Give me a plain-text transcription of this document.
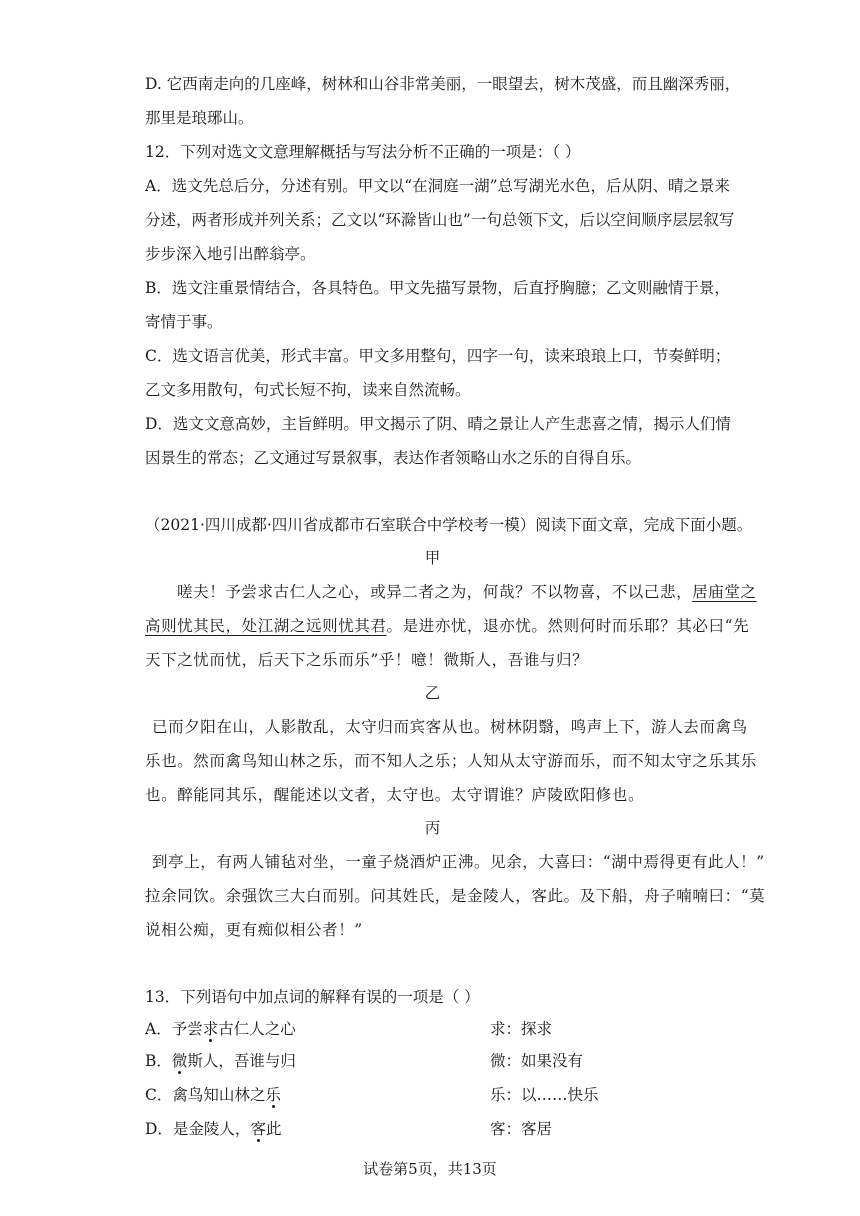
D. 它西南走向的几座峰，树林和山谷非常美丽，一眼望去，树木茂盛，而且幽深秀丽，

那里是琅琊山。

12．下列对选文文意理解概括与写法分析不正确的一项是：（ ）

A．选文先总后分，分述有别。甲文以“在洞庭一湖”总写湖光水色，后从阴、晴之景来

分述，两者形成并列关系；乙文以“环滁皆山也”一句总领下文，后以空间顺序层层叙写

步步深入地引出醉翁亭。

B．选文注重景情结合，各具特色。甲文先描写景物，后直抒胸臆；乙文则融情于景，

寄情于事。

C．选文语言优美，形式丰富。甲文多用整句，四字一句，读来琅琅上口，节奏鲜明；

乙文多用散句，句式长短不拘，读来自然流畅。

D．选文文意高妙，主旨鲜明。甲文揭示了阴、晴之景让人产生悲喜之情，揭示人们情

因景生的常态；乙文通过写景叙事，表达作者领略山水之乐的自得自乐。

（2021·四川成都·四川省成都市石室联合中学校考一模）阅读下面文章，完成下面小题。

甲

嗟夫！予尝求古仁人之心，或异二者之为，何哉？不以物喜，不以己悲，居庙堂之

高则忧其民，处江湖之远则忧其君。是进亦忧，退亦忧。然则何时而乐耶？其必曰“先

天下之忧而忧，后天下之乐而乐”乎！噫！微斯人，吾谁与归？

乙

已而夕阳在山，人影散乱，太守归而宾客从也。树林阴翳，鸣声上下，游人去而禽鸟

乐也。然而禽鸟知山林之乐，而不知人之乐；人知从太守游而乐，而不知太守之乐其乐

也。醉能同其乐，醒能述以文者，太守也。太守谓谁？庐陵欧阳修也。

丙

到亭上，有两人铺毡对坐，一童子烧酒炉正沸。见余，大喜曰：“湖中焉得更有此人！”

拉余同饮。余强饮三大白而别。问其姓氏，是金陵人，客此。及下船，舟子喃喃曰：“莫

说相公痴，更有痴似相公者！”

13．下列语句中加点词的解释有误的一项是（ ）

A．予尝求古仁人之心	求：探求

B．微斯人，吾谁与归	微：如果没有

C．禽鸟知山林之乐	乐：以……快乐

D．是金陵人，客此	客：客居

试卷第5页，共13页
